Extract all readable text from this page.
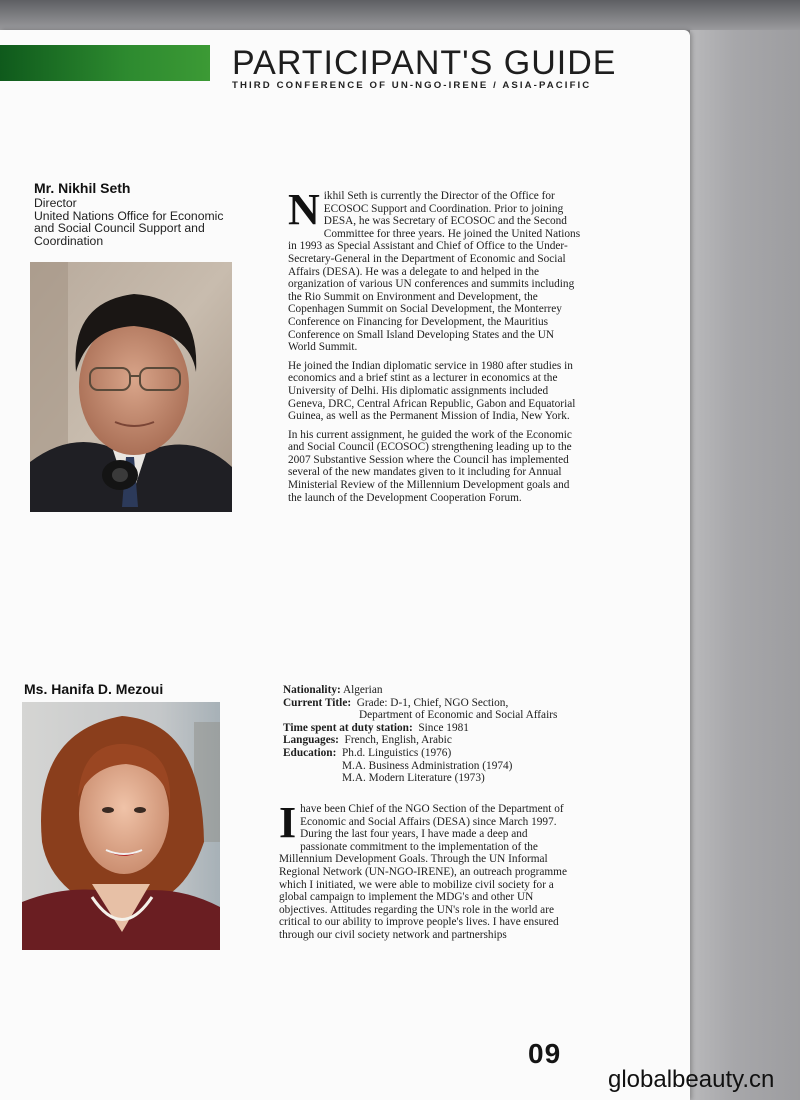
PARTICIPANT'S GUIDE
THIRD CONFERENCE OF UN-NGO-IRENE / ASIA-PACIFIC
Mr. Nikhil Seth
Director
United Nations Office for Economic
and Social Council Support and
Coordination

Nikhil Seth is currently the Director of the Office for ECOSOC Support and Coordination. Prior to joining DESA, he was Secretary of ECOSOC and the Second Committee for three years. He joined the United Nations in 1993 as Special Assistant and Chief of Office to the Under-Secretary-General in the Department of Economic and Social Affairs (DESA). He was a delegate to and helped in the organization of various UN conferences and summits including the Rio Summit on Environment and Development, the Copenhagen Summit on Social Development, the Monterrey Conference on Financing for Development, the Mauritius Conference on Small Island Developing States and the UN World Summit.

He joined the Indian diplomatic service in 1980 after studies in economics and a brief stint as a lecturer in economics at the University of Delhi. His diplomatic assignments included Geneva, DRC, Central African Republic, Gabon and Equatorial Guinea, as well as the Permanent Mission of India, New York.

In his current assignment, he guided the work of the Economic and Social Council (ECOSOC) strengthening leading up to the 2007 Substantive Session where the Council has implemented several of the new mandates given to it including for Annual Ministerial Review of the Millennium Development goals and the launch of the Development Cooperation Forum.

Ms. Hanifa D. Mezoui	Nationality: Algerian
Current Title: Grade: D-1, Chief, NGO Section,
Department of Economic and Social Affairs
Time spent at duty station: Since 1981
Languages: French, English, Arabic
Education: Ph.d. Linguistics (1976)
M.A. Business Administration (1974)
M.A. Modern Literature (1973)

Ihave been Chief of the NGO Section of the Department of Economic and Social Affairs (DESA) since March 1997. During the last four years, I have made a deep and passionate commitment to the implementation of the Millennium Development Goals. Through the UN Informal Regional Network (UN-NGO-IRENE), an outreach programme which I initiated, we were able to mobilize civil society for a global campaign to implement the MDG's and other UN objectives. Attitudes regarding the UN's role in the world are critical to our ability to improve people's lives. I have ensured through our civil society network and partnerships

09
globalbeauty.cn
